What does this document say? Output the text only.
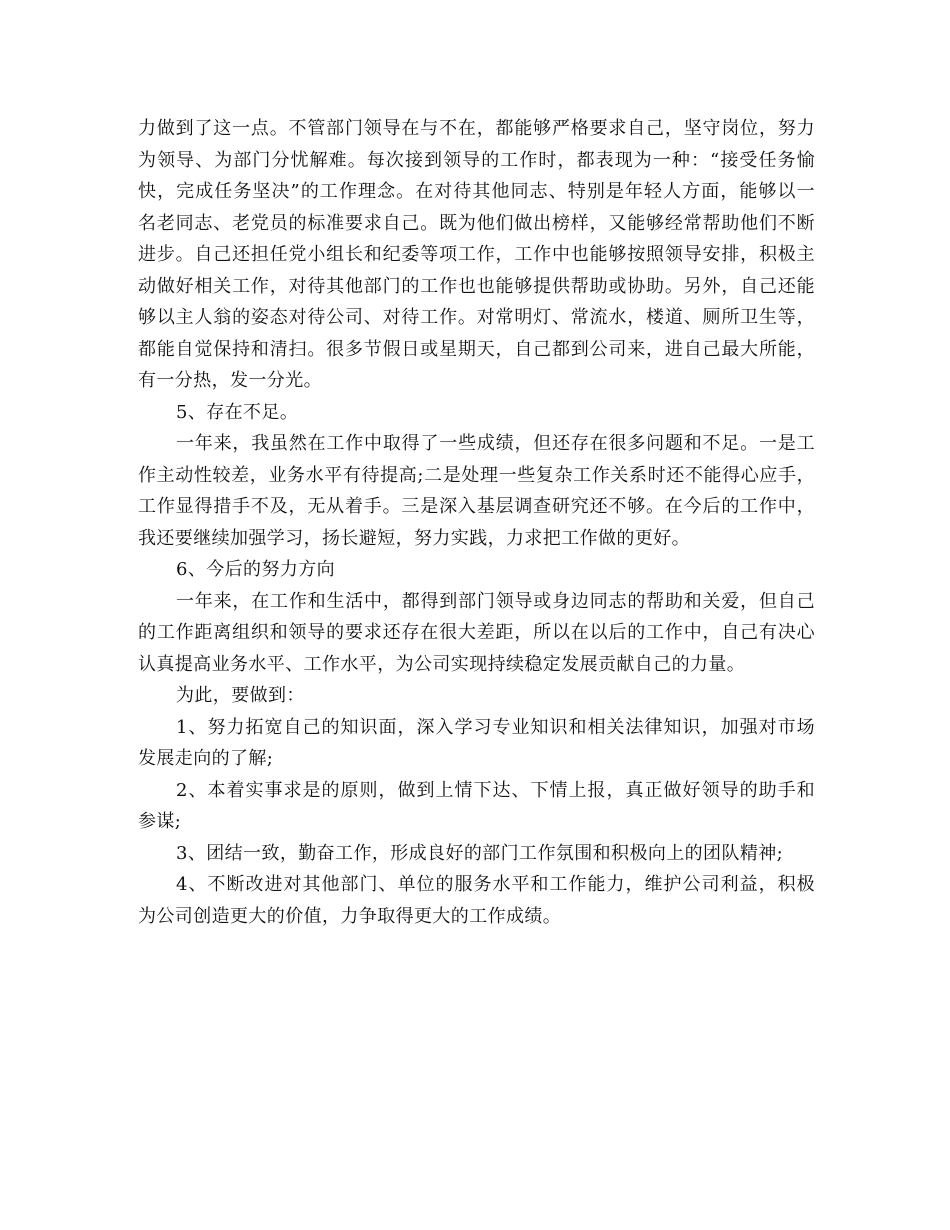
力做到了这一点。不管部门领导在与不在，都能够严格要求自己，坚守岗位，努力
为领导、为部门分忧解难。每次接到领导的工作时，都表现为一种：“接受任务愉
快，完成任务坚决”的工作理念。在对待其他同志、特别是年轻人方面，能够以一
名老同志、老党员的标准要求自己。既为他们做出榜样，又能够经常帮助他们不断
进步。自己还担任党小组长和纪委等项工作，工作中也能够按照领导安排，积极主
动做好相关工作，对待其他部门的工作也也能够提供帮助或协助。另外，自己还能
够以主人翁的姿态对待公司、对待工作。对常明灯、常流水，楼道、厕所卫生等，
都能自觉保持和清扫。很多节假日或星期天，自己都到公司来，进自己最大所能，
有一分热，发一分光。
5、存在不足。
一年来，我虽然在工作中取得了一些成绩，但还存在很多问题和不足。一是工
作主动性较差，业务水平有待提高;二是处理一些复杂工作关系时还不能得心应手，
工作显得措手不及，无从着手。三是深入基层调查研究还不够。在今后的工作中，
我还要继续加强学习，扬长避短，努力实践，力求把工作做的更好。
6、今后的努力方向
一年来，在工作和生活中，都得到部门领导或身边同志的帮助和关爱，但自己
的工作距离组织和领导的要求还存在很大差距，所以在以后的工作中，自己有决心
认真提高业务水平、工作水平，为公司实现持续稳定发展贡献自己的力量。
为此，要做到：
1、努力拓宽自己的知识面，深入学习专业知识和相关法律知识，加强对市场
发展走向的了解;
2、本着实事求是的原则，做到上情下达、下情上报，真正做好领导的助手和
参谋;
3、团结一致，勤奋工作，形成良好的部门工作氛围和积极向上的团队精神;
4、不断改进对其他部门、单位的服务水平和工作能力，维护公司利益，积极
为公司创造更大的价值，力争取得更大的工作成绩。
